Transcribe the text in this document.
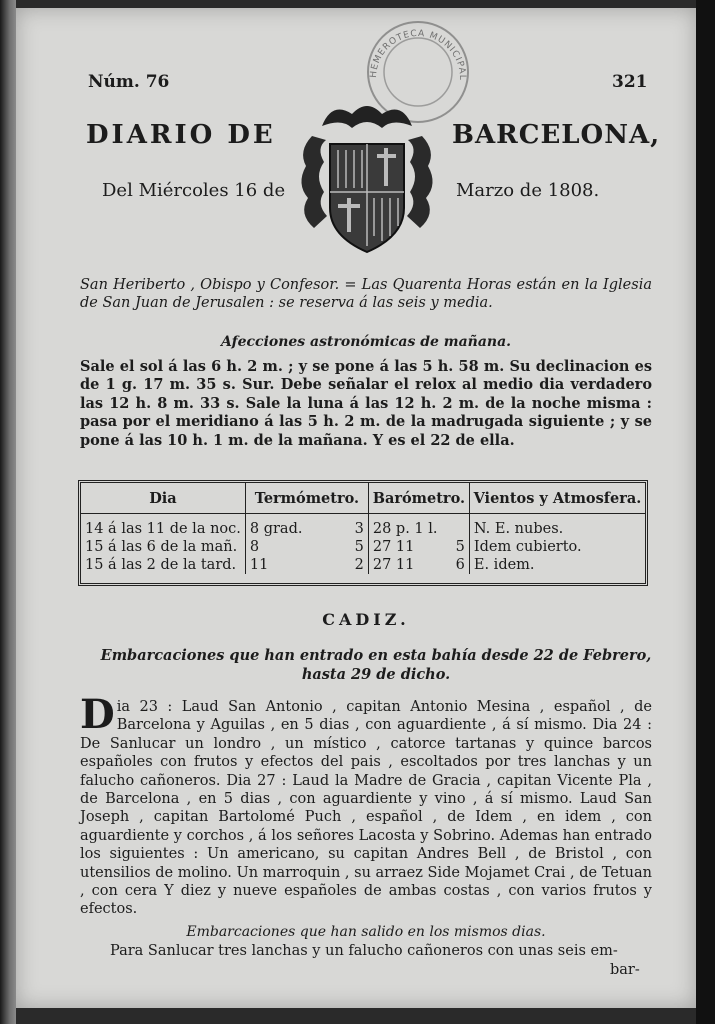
Núm. 76	321
HEMEROTECA MUNICIPAL
DIARIO DE	BARCELONA,
Del Miércoles 16 de	Marzo de 1808.
San Heriberto , Obispo y Confesor. = Las Quarenta Horas están en la Iglesia de San Juan de Jerusalen : se reserva á las seis y media.
Afecciones astronómicas de mañana.
Sale el sol á las 6 h. 2 m. ; y se pone á las 5 h. 58 m. Su declinacion es de 1 g. 17 m. 35 s. Sur. Debe señalar el relox al medio dia verdadero las 12 h. 8 m. 33 s. Sale la luna á las 12 h. 2 m. de la noche misma : pasa por el meridiano á las 5 h. 2 m. de la madrugada siguiente ; y se pone á las 10 h. 1 m. de la mañana. Y es el 22 de ella.
Dia	Termómetro.	Barómetro.	Vientos y Atmosfera.
14 á las 11 de la noc.	8 grad. 3	28 p. 1 l.	N. E. nubes.
15 á las 6 de la mañ.	8 5	27 11 5	Idem cubierto.
15 á las 2 de la tard.	11 2	27 11 6	E. idem.
CADIZ.
Embarcaciones que han entrado en esta bahía desde 22 de Febrero,
hasta 29 de dicho.
Dia 23 : Laud San Antonio , capitan Antonio Mesina , español , de Barcelona y Aguilas , en 5 dias , con aguardiente , á sí mismo. Dia 24 : De Sanlucar un londro , un místico , catorce tartanas y quince barcos españoles con frutos y efectos del pais , escoltados por tres lanchas y un falucho cañoneros. Dia 27 : Laud la Madre de Gracia , capitan Vicente Pla , de Barcelona , en 5 dias , con aguardiente y vino , á sí mismo. Laud San Joseph , capitan Bartolomé Puch , español , de Idem , en idem , con aguardiente y corchos , á los señores Lacosta y Sobrino. Ademas han entrado los siguientes : Un americano, su capitan Andres Bell , de Bristol , con utensilios de molino. Un marroquin , su arraez Side Mojamet Crai , de Tetuan , con cera Y diez y nueve españoles de ambas costas , con varios frutos y efectos.
Embarcaciones que han salido en los mismos dias.
Para Sanlucar tres lanchas y un falucho cañoneros con unas seis em-
bar-
